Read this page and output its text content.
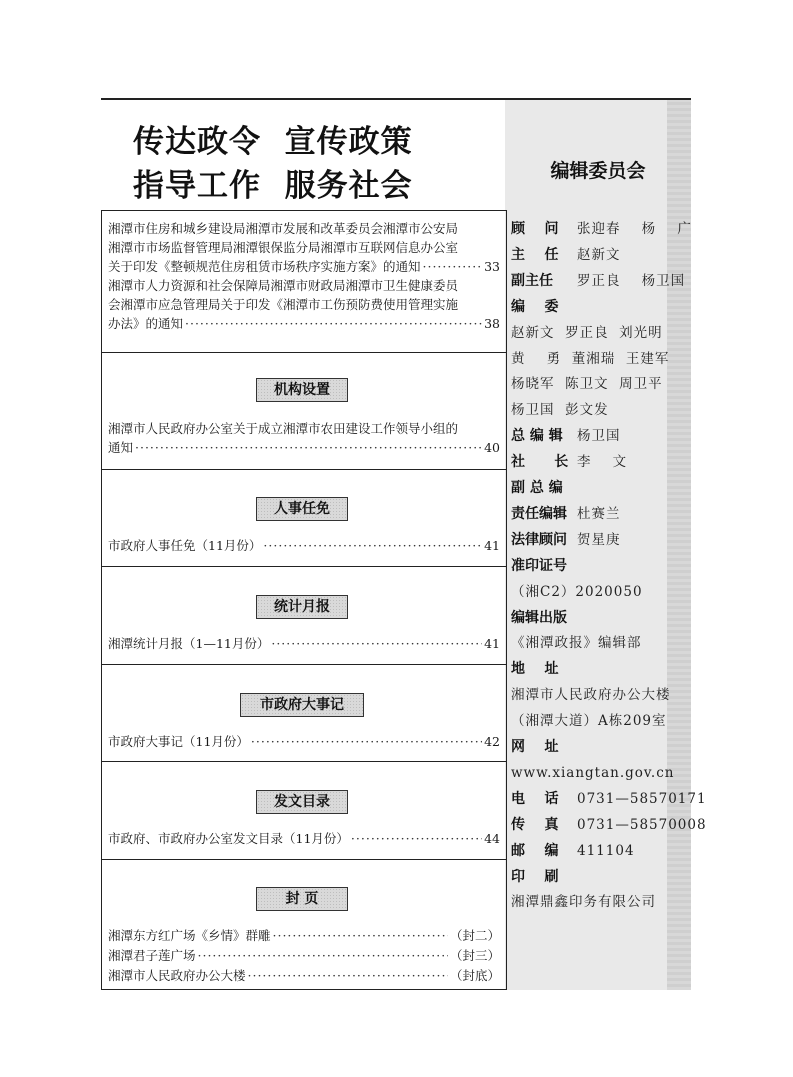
传达政令  宣传政策
指导工作  服务社会	编辑委员会
顾    问 张迎春    杨    广
主    任 赵新文
副主任 罗正良    杨卫国
编    委
赵新文  罗正良  刘光明
黄    勇  董湘瑞  王建军
杨晓军  陈卫文  周卫平
杨卫国  彭文发
总 编 辑 杨卫国
社      长 李    文
副 总 编
责任编辑 杜赛兰
法律顾问 贺星庚
准印证号
（湘C2）2020050
编辑出版
《湘潭政报》编辑部
地    址
湘潭市人民政府办公大楼
（湘潭大道）A栋209室
网    址
www.xiangtan.gov.cn
电    话 0731—58570171
传    真 0731—58570008
邮    编 411104
印    刷
湘潭鼎鑫印务有限公司
湘潭市住房和城乡建设局湘潭市发展和改革委员会湘潭市公安局
湘潭市市场监督管理局湘潭银保监分局湘潭市互联网信息办公室
关于印发《整顿规范住房租赁市场秩序实施方案》的通知 ·····	33
湘潭市人力资源和社会保障局湘潭市财政局湘潭市卫生健康委员
会湘潭市应急管理局关于印发《湘潭市工伤预防费使用管理实施
办法》的通知 ·····	38
机构设置
湘潭市人民政府办公室关于成立湘潭市农田建设工作领导小组的
通知 ·····	40
人事任免
市政府人事任免（11月份） ·····	41
统计月报
湘潭统计月报（1—11月份） ·····	41
市政府大事记
市政府大事记（11月份） ·····	42
发文目录
市政府、市政府办公室发文目录（11月份） ·····	44
封 页
湘潭东方红广场《乡情》群雕 ·····	（封二）
湘潭君子莲广场 ·····	（封三）
湘潭市人民政府办公大楼 ·····	（封底）
